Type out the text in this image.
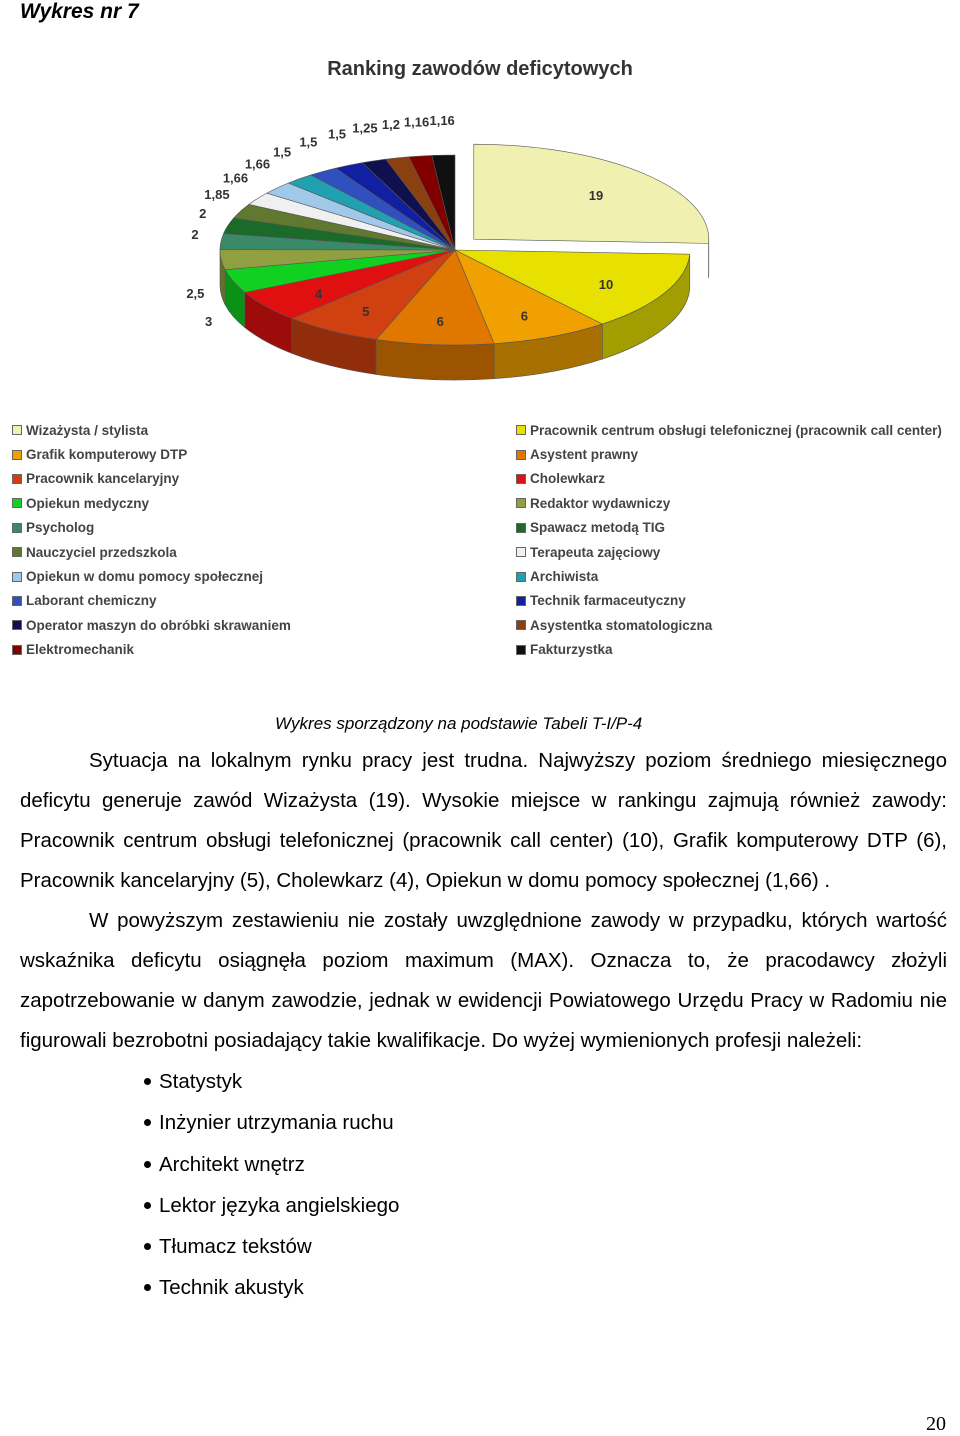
Wykres nr 7
Ranking zawodów deficytowych
19
10
6
6
5
4
3
2,5
2
2
1,85
1,66
1,66
1,5
1,5
1,5 1,25 1,2 1,16 1,16
Wizażysta / stylista
Grafik komputerowy DTP
Pracownik kancelaryjny
Opiekun medyczny
Psycholog
Nauczyciel przedszkola
Opiekun w domu pomocy społecznej
Laborant chemiczny
Operator maszyn do obróbki skrawaniem
Elektromechanik
Pracownik centrum obsługi telefonicznej (pracownik call center)
Asystent prawny
Cholewkarz
Redaktor wydawniczy
Spawacz metodą TIG
Terapeuta zajęciowy
Archiwista
Technik farmaceutyczny
Asystentka stomatologiczna
Fakturzystka
Wykres sporządzony na podstawie Tabeli T-I/P-4

Sytuacja na lokalnym rynku pracy jest trudna. Najwyższy poziom średniego miesięcznego deficytu generuje zawód Wizażysta (19). Wysokie miejsce w rankingu zajmują również zawody: Pracownik centrum obsługi telefonicznej (pracownik call center) (10), Grafik komputerowy DTP (6), Pracownik kancelaryjny (5), Cholewkarz (4), Opiekun w domu pomocy społecznej (1,66) .

W powyższym zestawieniu nie zostały uwzględnione zawody w przypadku, których wartość wskaźnika deficytu osiągnęła poziom maximum (MAX). Oznacza to, że pracodawcy złożyli zapotrzebowanie w danym zawodzie, jednak w ewidencji Powiatowego Urzędu Pracy w Radomiu nie figurowali bezrobotni posiadający takie kwalifikacje. Do wyżej wymienionych profesji należeli:

Statystyk
Inżynier utrzymania ruchu
Architekt wnętrz
Lektor języka angielskiego
Tłumacz tekstów
Technik akustyk
20
